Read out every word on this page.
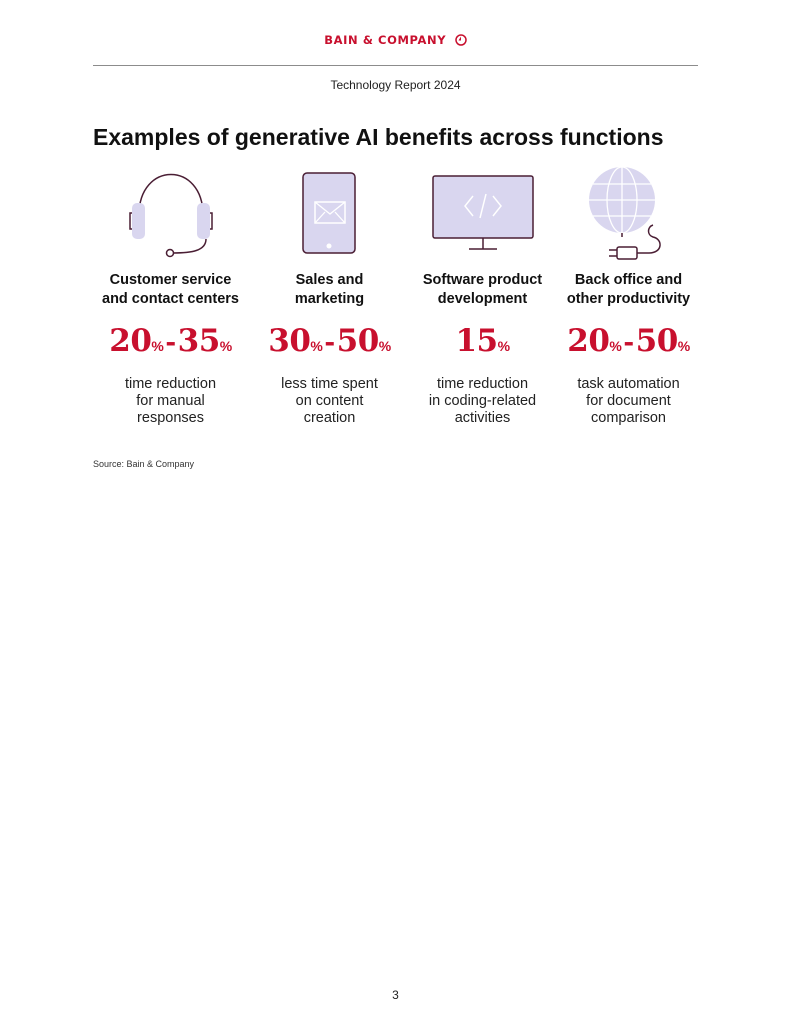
BAIN & COMPANY
Technology Report 2024
Examples of generative AI benefits across functions
Customer service
and contact centers
20%-35%
time reduction
for manual
responses
Sales and
marketing
30%-50%
less time spent
on content
creation
Software product
development
15%
time reduction
in coding-related
activities
Back office and
other productivity
20%-50%
task automation
for document
comparison
Source: Bain & Company
3
